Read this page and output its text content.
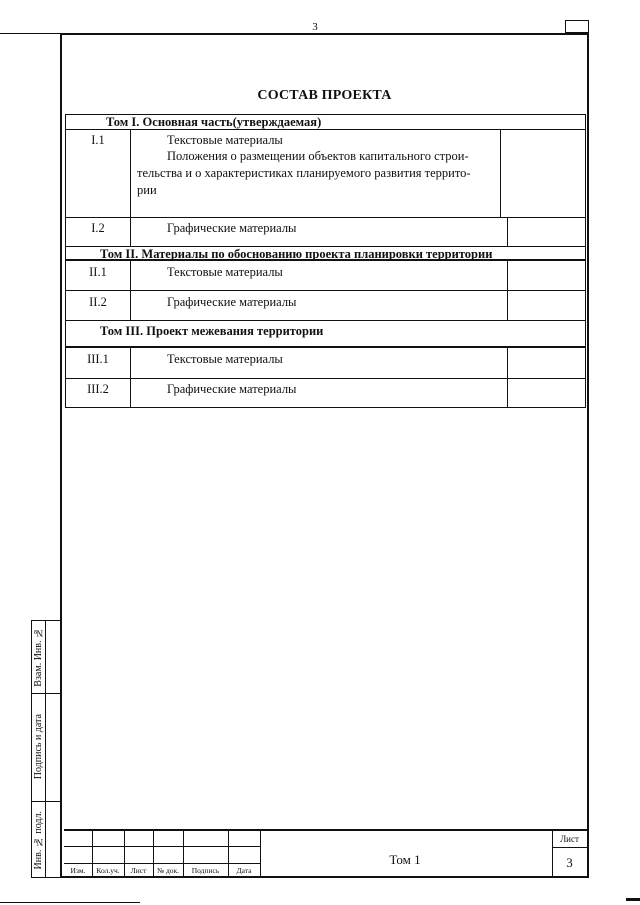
3
СОСТАВ ПРОЕКТА
Том I. Основная часть(утверждаемая)
I.1	Текстовые материалы
Положения о размещении объектов капитального строи-
тельства и о характеристиках планируемого развития террито-
рии
I.2	Графические материалы
Том II. Материалы по обоснованию проекта планировки территории
II.1	Текстовые материалы
II.2	Графические материалы
Том III. Проект межевания территории
III.1	Текстовые материалы
III.2	Графические материалы
Взам. Инв. №
Подпись и дата
Инв. № подл.
Изм.	Кол.уч.	Лист	№ док.	Подпись	Дата
Том 1
Лист
3
